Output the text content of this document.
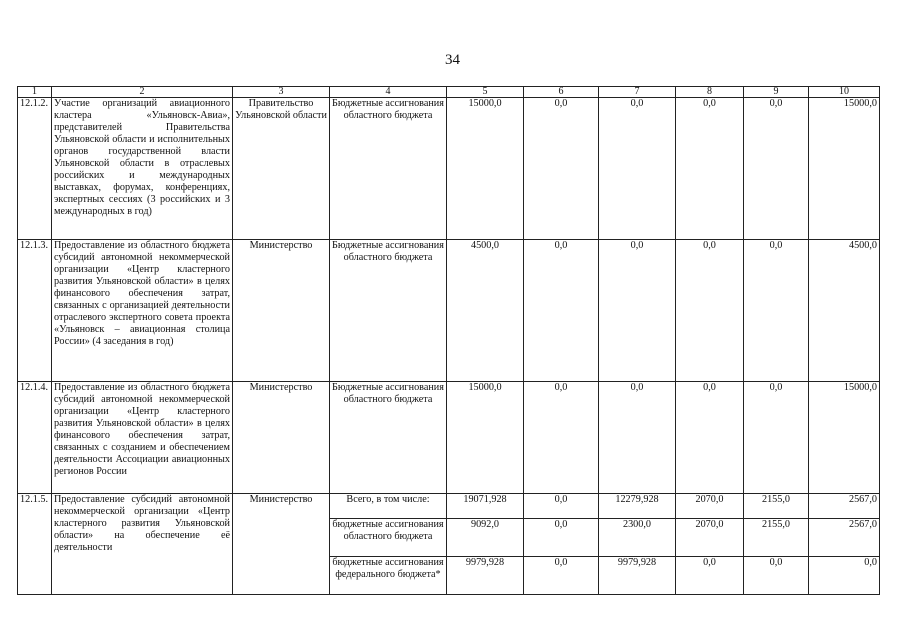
34
1	2	3	4	5	6	7	8	9	10
12.1.2.	Участие организаций авиационного кластера «Ульяновск-Авиа», представителей Правительства Ульяновской области и исполнительных органов государственной власти Ульяновской области в отраслевых российских и международных выставках, форумах, конференциях, экспертных сессиях (3 российских и 3 международных в год)	Правительство Ульяновской области	Бюджетные ассигнования областного бюджета	15000,0	0,0	0,0	0,0	0,0	15000,0
12.1.3.	Предоставление из областного бюджета субсидий автономной некоммерческой организации «Центр кластерного развития Ульяновской области» в целях финансового обеспечения затрат, связанных с организацией деятельности отраслевого экспертного совета проекта «Ульяновск – авиационная столица России» (4 заседания в год)	Министерство	Бюджетные ассигнования областного бюджета	4500,0	0,0	0,0	0,0	0,0	4500,0
12.1.4.	Предоставление из областного бюджета субсидий автономной некоммерческой организации «Центр кластерного развития Ульяновской области» в целях финансового обеспечения затрат, связанных с созданием и обеспечением деятельности Ассоциации авиационных регионов России	Министерство	Бюджетные ассигнования областного бюджета	15000,0	0,0	0,0	0,0	0,0	15000,0
12.1.5.	Предоставление субсидий автономной некоммерческой организации «Центр кластерного развития Ульяновской области» на обеспечение её деятельности	Министерство	Всего, в том числе:	19071,928	0,0	12279,928	2070,0	2155,0	2567,0
			бюджетные ассигнования областного бюджета	9092,0	0,0	2300,0	2070,0	2155,0	2567,0
			бюджетные ассигнования федерального бюджета*	9979,928	0,0	9979,928	0,0	0,0	0,0
